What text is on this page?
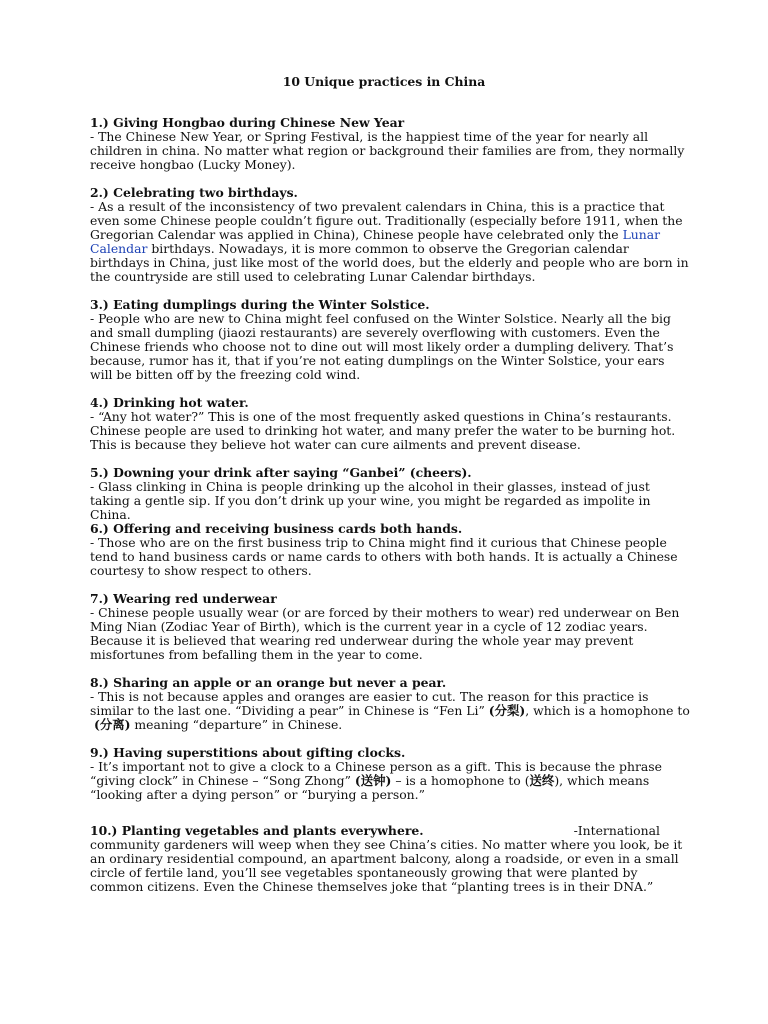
10 Unique practices in China

1.) Giving Hongbao during Chinese New Year

- The Chinese New Year, or Spring Festival, is the happiest time of the year for nearly all children in china. No matter what region or background their families are from, they normally receive hongbao (Lucky Money).

2.) Celebrating two birthdays.

- As a result of the inconsistency of two prevalent calendars in China, this is a practice that even some Chinese people couldn’t figure out. Traditionally (especially before 1911, when the Gregorian Calendar was applied in China), Chinese people have celebrated only the Lunar Calendar birthdays. Nowadays, it is more common to observe the Gregorian calendar birthdays in China, just like most of the world does, but the elderly and people who are born in the countryside are still used to celebrating Lunar Calendar birthdays.

3.) Eating dumplings during the Winter Solstice.

- People who are new to China might feel confused on the Winter Solstice. Nearly all the big and small dumpling (jiaozi restaurants) are severely overflowing with customers. Even the Chinese friends who choose not to dine out will most likely order a dumpling delivery. That’s because, rumor has it, that if you’re not eating dumplings on the Winter Solstice, your ears will be bitten off by the freezing cold wind.

4.) Drinking hot water.

- “Any hot water?” This is one of the most frequently asked questions in China’s restaurants. Chinese people are used to drinking hot water, and many prefer the water to be burning hot. This is because they believe hot water can cure ailments and prevent disease.

5.) Downing your drink after saying “Ganbei” (cheers).

- Glass clinking in China is people drinking up the alcohol in their glasses, instead of just taking a gentle sip. If you don’t drink up your wine, you might be regarded as impolite in China.

6.) Offering and receiving business cards both hands.

- Those who are on the first business trip to China might find it curious that Chinese people tend to hand business cards or name cards to others with both hands. It is actually a Chinese courtesy to show respect to others.

7.) Wearing red underwear

- Chinese people usually wear (or are forced by their mothers to wear) red underwear on Ben Ming Nian (Zodiac Year of Birth), which is the current year in a cycle of 12 zodiac years. Because it is believed that wearing red underwear during the whole year may prevent misfortunes from befalling them in the year to come.

8.) Sharing an apple or an orange but never a pear.

- This is not because apples and oranges are easier to cut. The reason for this practice is similar to the last one. “Dividing a pear” in Chinese is “Fen Li” (分梨), which is a homophone to
(分离) meaning “departure” in Chinese.

9.) Having superstitions about gifting clocks.

- It’s important not to give a clock to a Chinese person as a gift. This is because the phrase “giving clock” in Chinese – “Song Zhong” (送钟) – is a homophone to (送终), which means “looking after a dying person” or “burying a person.”

10.) Planting vegetables and plants everywhere.	-International community gardeners will weep when they see China’s cities. No matter where you look, be it an ordinary residential compound, an apartment balcony, along a roadside, or even in a small circle of fertile land, you’ll see vegetables spontaneously growing that were planted by common citizens. Even the Chinese themselves joke that “planting trees is in their DNA.”
